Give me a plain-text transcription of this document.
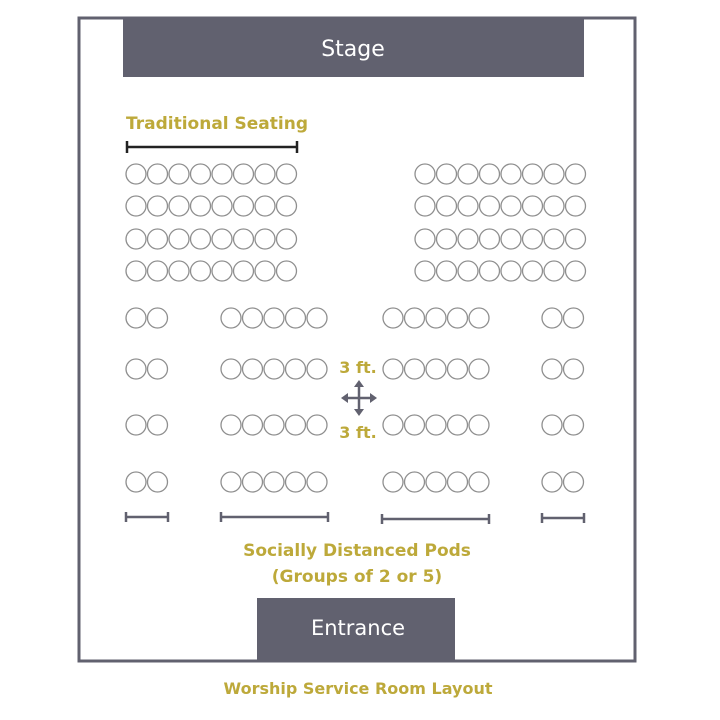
Stage
Traditional Seating
3 ft.
3 ft.
Socially Distanced Pods
(Groups of 2 or 5)
Entrance
Worship Service Room Layout
